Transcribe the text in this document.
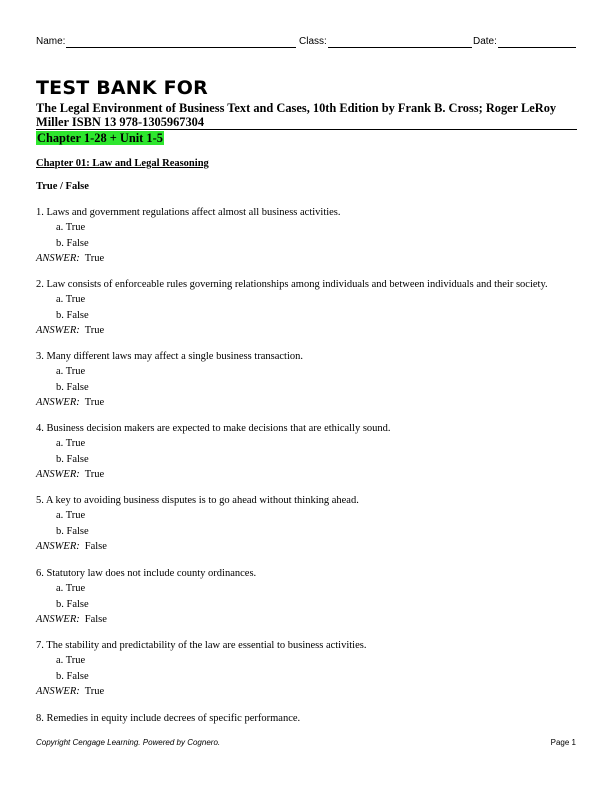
Name:	Class:	Date:
TEST BANK FOR
The Legal Environment of Business Text and Cases, 10th Edition by Frank B. Cross; Roger LeRoy Miller ISBN 13 978-1305967304
Chapter 1-28 + Unit 1-5
Chapter 01: Law and Legal Reasoning
True / False
1. Laws and government regulations affect almost all business activities.
a. True
b. False
ANSWER: True
2. Law consists of enforceable rules governing relationships among individuals and between individuals and their society.
a. True
b. False
ANSWER: True
3. Many different laws may affect a single business transaction.
a. True
b. False
ANSWER: True
4. Business decision makers are expected to make decisions that are ethically sound.
a. True
b. False
ANSWER: True
5. A key to avoiding business disputes is to go ahead without thinking ahead.
a. True
b. False
ANSWER: False
6. Statutory law does not include county ordinances.
a. True
b. False
ANSWER: False
7. The stability and predictability of the law are essential to business activities.
a. True
b. False
ANSWER: True
8. Remedies in equity include decrees of specific performance.
Copyright Cengage Learning. Powered by Cognero.	Page 1
